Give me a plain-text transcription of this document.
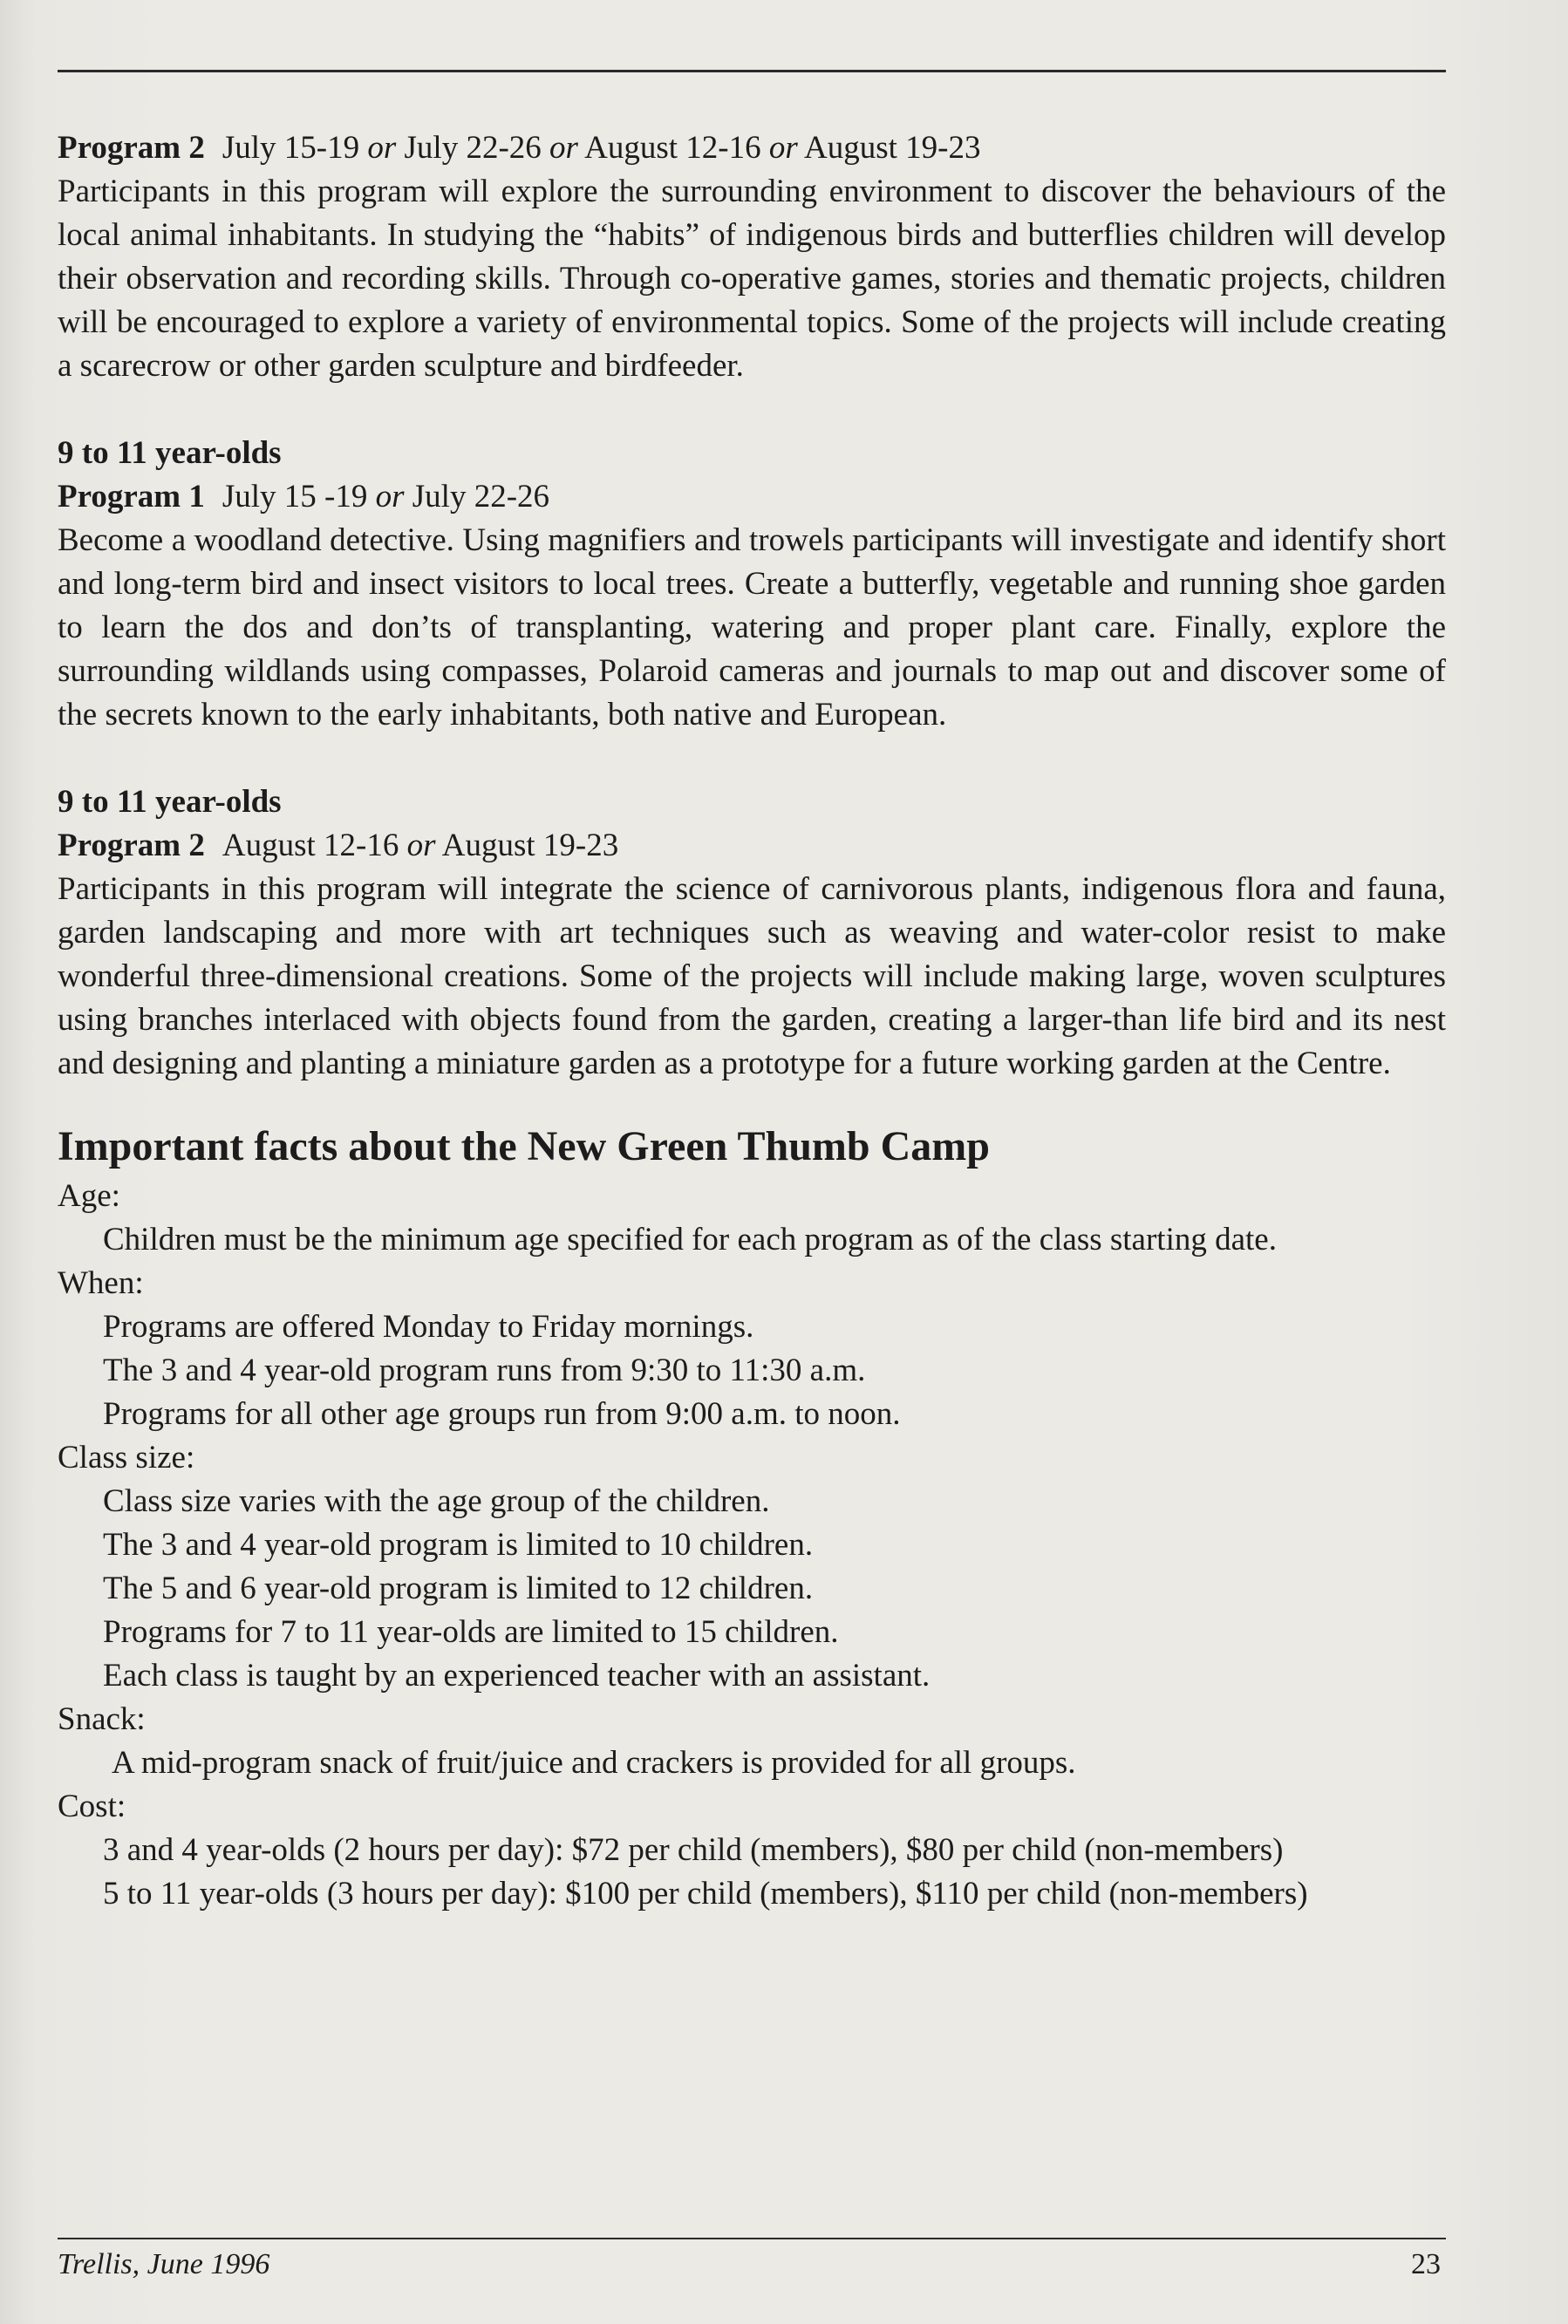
Program 2 July 15-19 or July 22-26 or August 12-16 or August 19-23

Participants in this program will explore the surrounding environment to discover the behaviours of the local animal inhabitants. In studying the “habits” of indigenous birds and butterflies children will develop their observation and recording skills. Through co-operative games, stories and thematic projects, children will be encouraged to explore a variety of environmental topics. Some of the projects will include creating a scarecrow or other garden sculpture and birdfeeder.

9 to 11 year-olds

Program 1 July 15 -19 or July 22-26

Become a woodland detective. Using magnifiers and trowels participants will investigate and identify short and long-term bird and insect visitors to local trees. Create a butterfly, vegetable and running shoe garden to learn the dos and don’ts of transplanting, watering and proper plant care. Finally, explore the surrounding wildlands using compasses, Polaroid cameras and journals to map out and discover some of the secrets known to the early inhabitants, both native and European.

9 to 11 year-olds

Program 2 August 12-16 or August 19-23

Participants in this program will integrate the science of carnivorous plants, indigenous flora and fauna, garden landscaping and more with art techniques such as weaving and water-color resist to make wonderful three-dimensional creations. Some of the projects will include making large, woven sculptures using branches interlaced with objects found from the garden, creating a larger-than life bird and its nest and designing and planting a miniature garden as a prototype for a future working garden at the Centre.

Important facts about the New Green Thumb Camp

Age:

Children must be the minimum age specified for each program as of the class starting date.

When:

Programs are offered Monday to Friday mornings.

The 3 and 4 year-old program runs from 9:30 to 11:30 a.m.

Programs for all other age groups run from 9:00 a.m. to noon.

Class size:

Class size varies with the age group of the children.

The 3 and 4 year-old program is limited to 10 children.

The 5 and 6 year-old program is limited to 12 children.

Programs for 7 to 11 year-olds are limited to 15 children.

Each class is taught by an experienced teacher with an assistant.

Snack:

A mid-program snack of fruit/juice and crackers is provided for all groups.

Cost:

3 and 4 year-olds (2 hours per day): $72 per child (members), $80 per child (non-members)

5 to 11 year-olds (3 hours per day): $100 per child (members), $110 per child (non-members)

Trellis, June 1996	23
